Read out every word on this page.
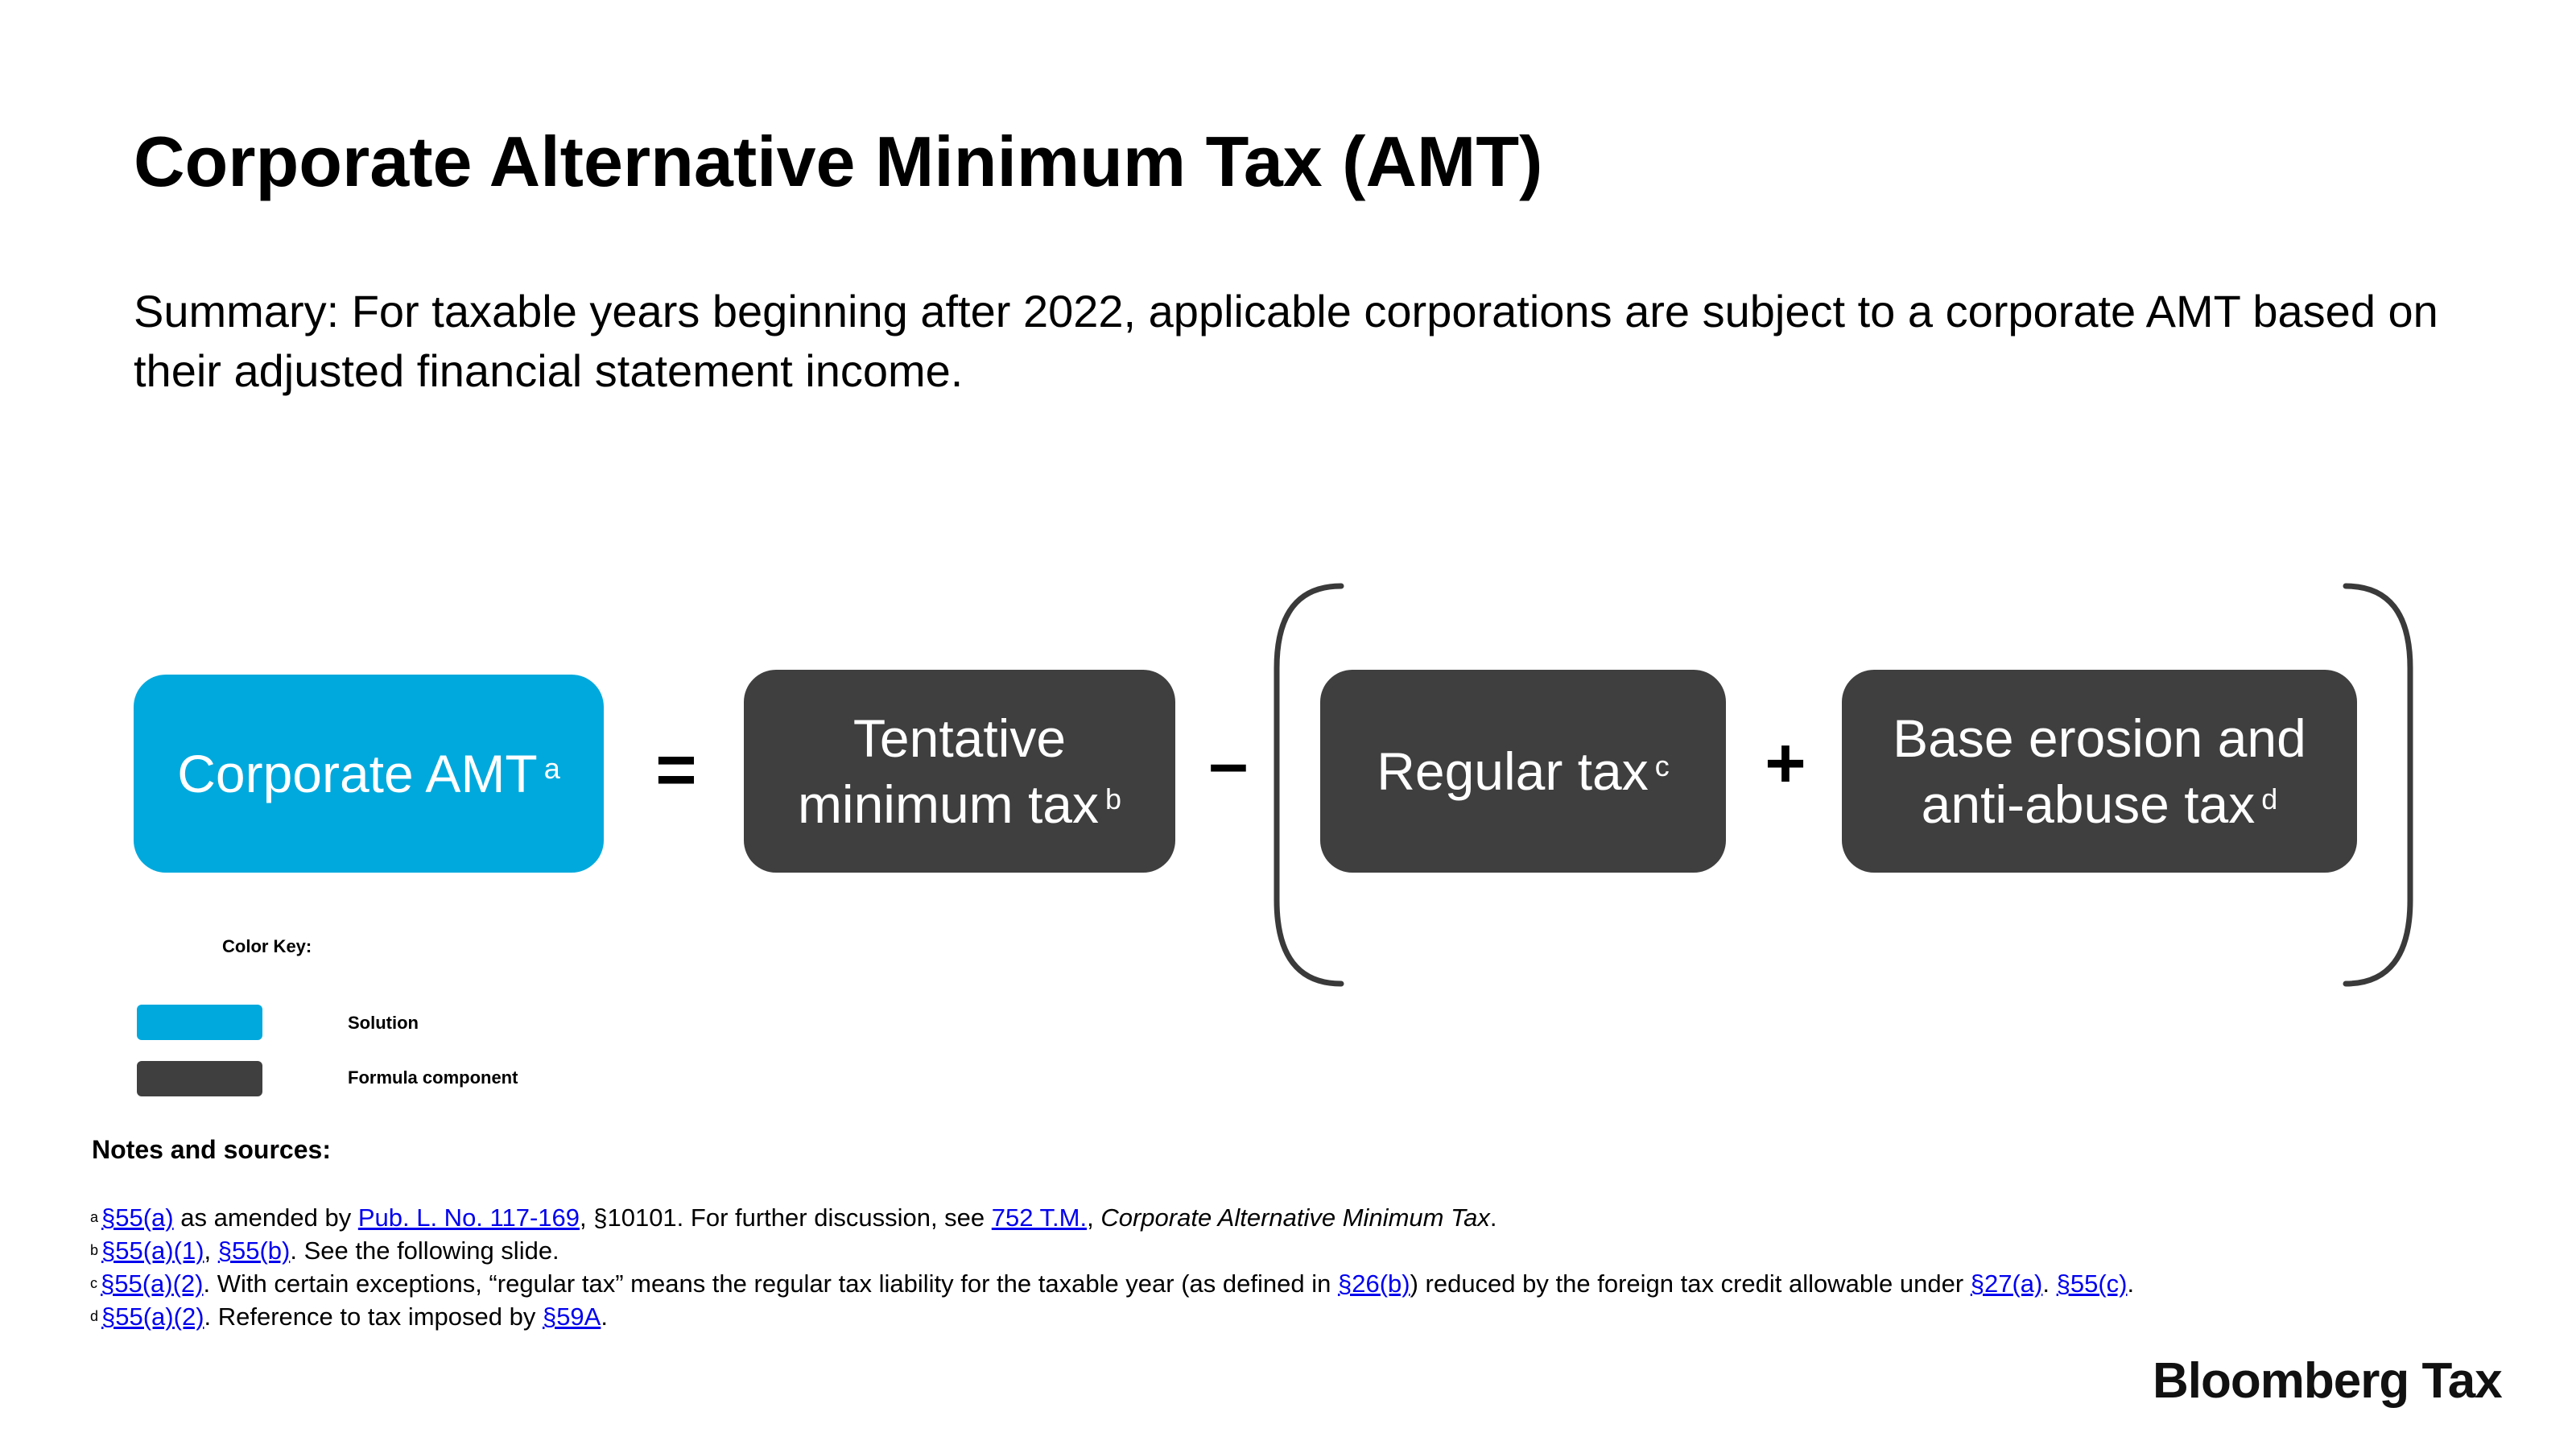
Corporate Alternative Minimum Tax (AMT)
Summary: For taxable years beginning after 2022, applicable corporations are subject to a corporate AMT based on their adjusted financial statement income.
Corporate AMT $^a$ =	Tentative
minimum tax $^b$ – Regular tax $^c$ + Base erosion and
anti-abuse tax $^d$
Color Key:
Solution
Formula component
Notes and sources:
$^a$ §55(a) as amended by Pub. L. No. 117-169, §10101. For further discussion, see 752 T.M., Corporate Alternative Minimum Tax.
$^b$ §55(a)(1), §55(b). See the following slide.
$^c$ §55(a)(2). With certain exceptions, “regular tax” means the regular tax liability for the taxable year (as defined in §26(b)) reduced by the foreign tax credit allowable under §27(a). §55(c).
$^d$ §55(a)(2). Reference to tax imposed by §59A.
Bloomberg Tax
